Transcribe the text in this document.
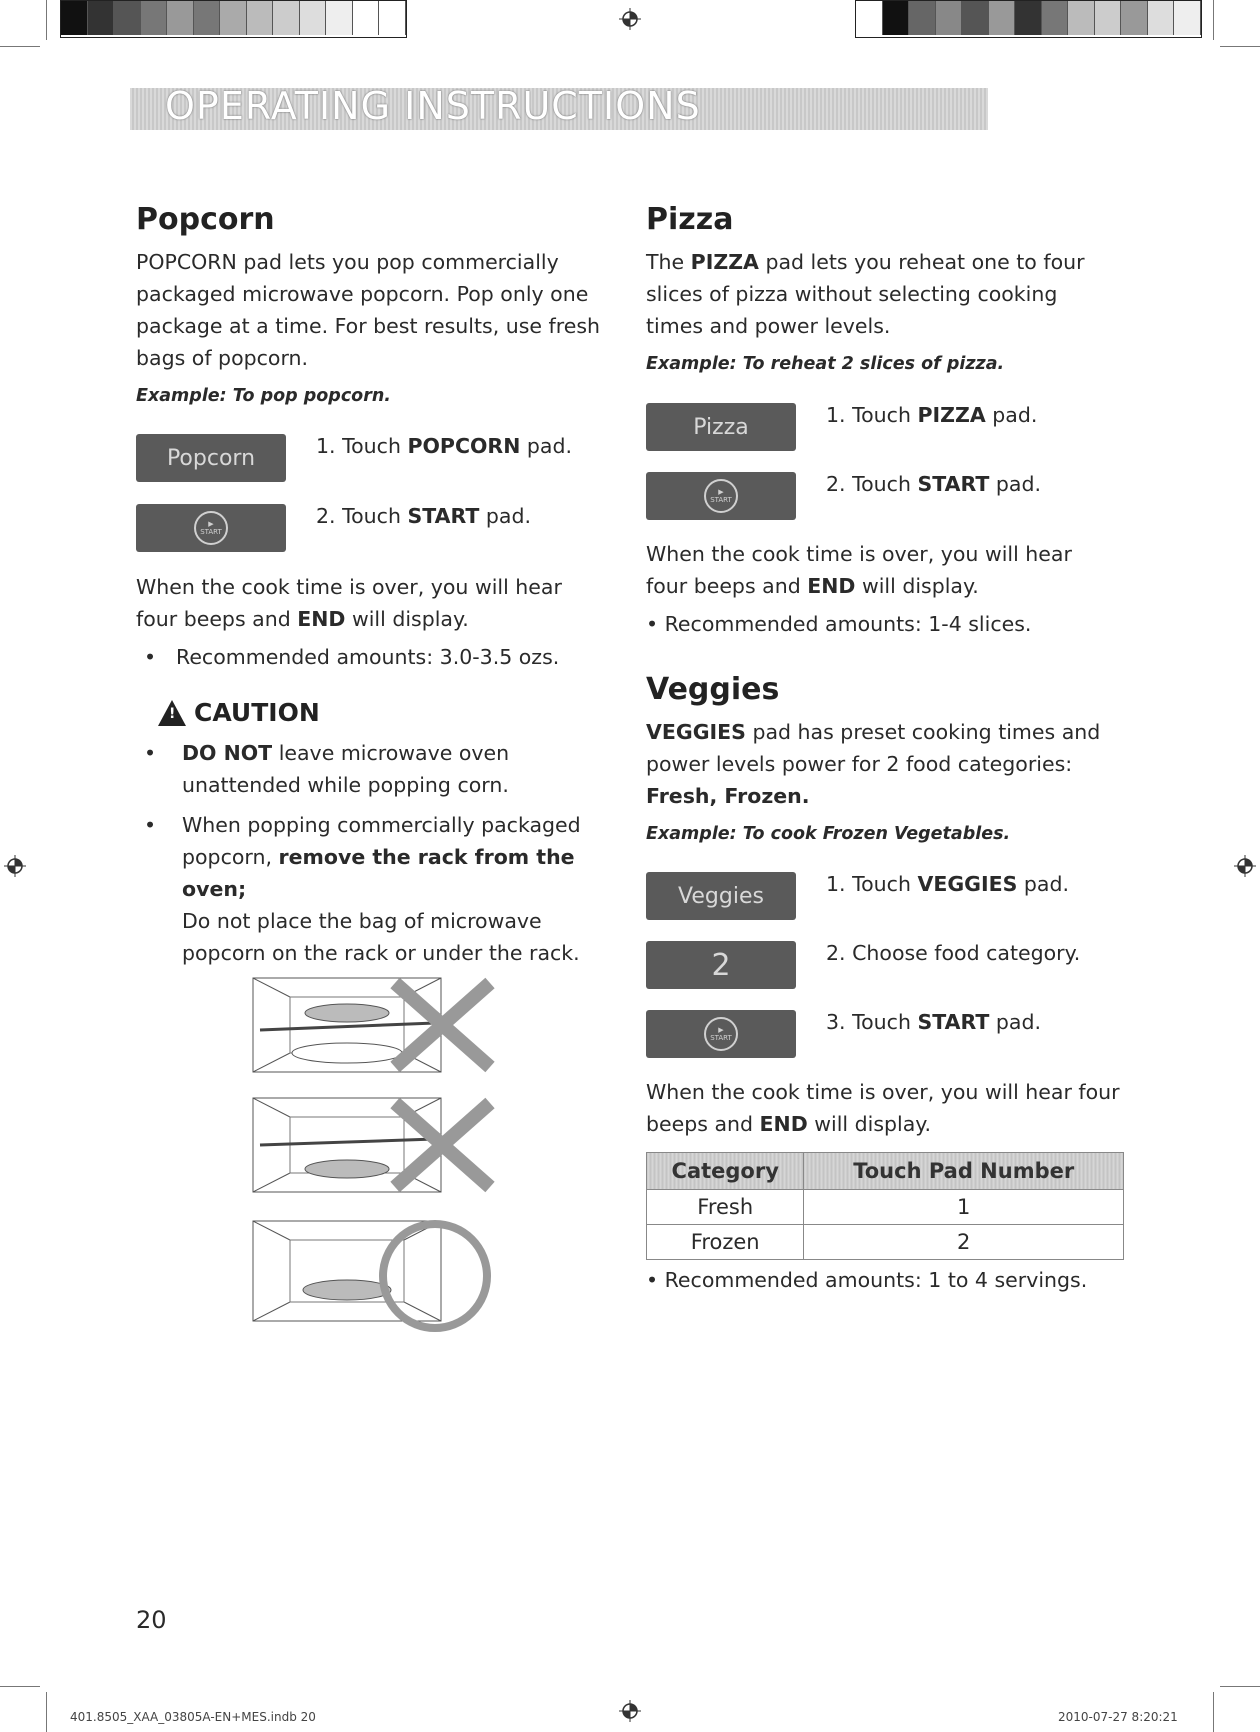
OPERATING INSTRUCTIONS
Popcorn

POPCORN pad lets you pop commercially packaged microwave popcorn. Pop only one package at a time. For best results, use fresh bags of popcorn.

Example: To pop popcorn.

Popcorn	1. Touch POPCORN pad.
▶
START
2. Touch START pad.

When the cook time is over, you will hear four beeps and END will display.

• Recommended amounts: 3.0-3.5 ozs.

! CAUTION

• DO NOT leave microwave oven unattended while popping corn.

• When popping commercially packaged popcorn, remove the rack from the oven;
Do not place the bag of microwave popcorn on the rack or under the rack.

Pizza

The PIZZA pad lets you reheat one to four slices of pizza without selecting cooking times and power levels.

Example: To reheat 2 slices of pizza.

Pizza	1. Touch PIZZA pad.
▶
START
2. Touch START pad.

When the cook time is over, you will hear four beeps and END will display.

• Recommended amounts: 1-4 slices.

Veggies

VEGGIES pad has preset cooking times and power levels power for 2 food categories: Fresh, Frozen.

Example: To cook Frozen Vegetables.

Veggies	1. Touch VEGGIES pad.
2	2. Choose food category.
▶
START
3. Touch START pad.

When the cook time is over, you will hear four beeps and END will display.

Category	Touch Pad Number
Fresh	1
Frozen	2

• Recommended amounts: 1 to 4 servings.

20
401.8505_XAA_03805A-EN+MES.indb 20	2010-07-27 8:20:21
